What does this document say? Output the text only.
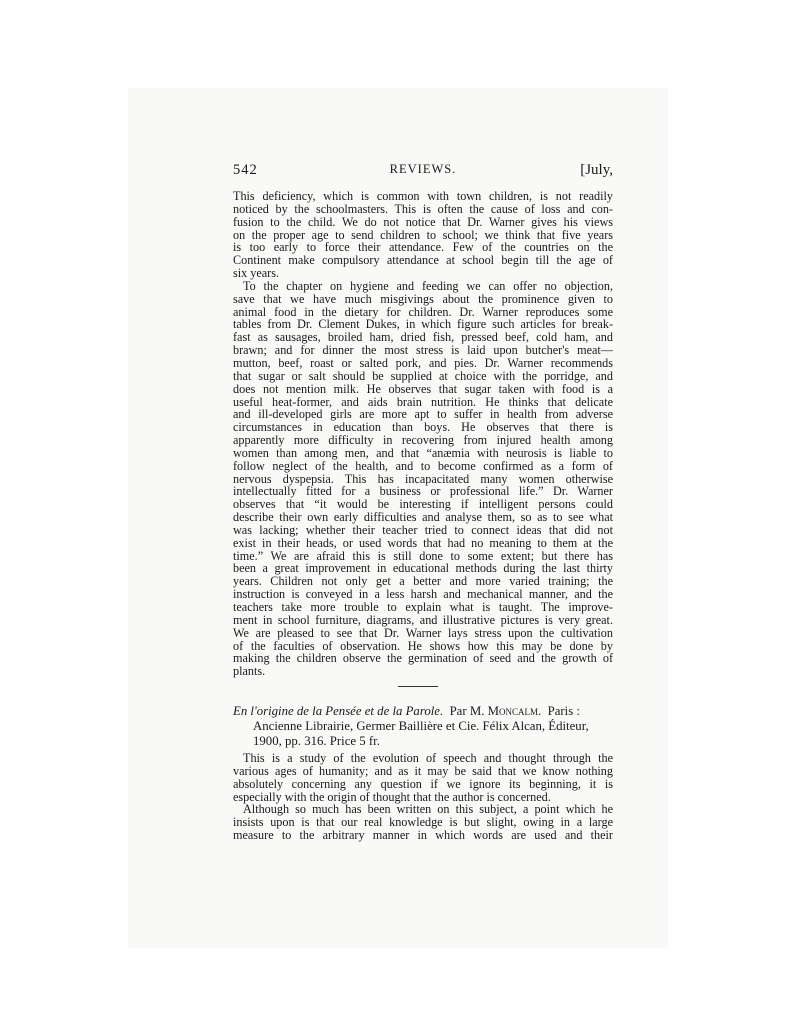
542	REVIEWS.	[July,
This deficiency, which is common with town children, is not readily
noticed by the schoolmasters. This is often the cause of loss and con-
fusion to the child. We do not notice that Dr. Warner gives his views
on the proper age to send children to school; we think that five years
is too early to force their attendance. Few of the countries on the
Continent make compulsory attendance at school begin till the age of
six years.
To the chapter on hygiene and feeding we can offer no objection,
save that we have much misgivings about the prominence given to
animal food in the dietary for children. Dr. Warner reproduces some
tables from Dr. Clement Dukes, in which figure such articles for break-
fast as sausages, broiled ham, dried fish, pressed beef, cold ham, and
brawn; and for dinner the most stress is laid upon butcher's meat—
mutton, beef, roast or salted pork, and pies. Dr. Warner recommends
that sugar or salt should be supplied at choice with the porridge, and
does not mention milk. He observes that sugar taken with food is a
useful heat-former, and aids brain nutrition. He thinks that delicate
and ill-developed girls are more apt to suffer in health from adverse
circumstances in education than boys. He observes that there is
apparently more difficulty in recovering from injured health among
women than among men, and that “anæmia with neurosis is liable to
follow neglect of the health, and to become confirmed as a form of
nervous dyspepsia. This has incapacitated many women otherwise
intellectually fitted for a business or professional life.” Dr. Warner
observes that “it would be interesting if intelligent persons could
describe their own early difficulties and analyse them, so as to see what
was lacking; whether their teacher tried to connect ideas that did not
exist in their heads, or used words that had no meaning to them at the
time.” We are afraid this is still done to some extent; but there has
been a great improvement in educational methods during the last thirty
years. Children not only get a better and more varied training; the
instruction is conveyed in a less harsh and mechanical manner, and the
teachers take more trouble to explain what is taught. The improve-
ment in school furniture, diagrams, and illustrative pictures is very great.
We are pleased to see that Dr. Warner lays stress upon the cultivation
of the faculties of observation. He shows how this may be done by
making the children observe the germination of seed and the growth of
plants.
En l'origine de la Pensée et de la Parole. Par M. Moncalm. Paris :
Ancienne Librairie, Germer Baillière et Cie. Félix Alcan, Éditeur,
1900, pp. 316. Price 5 fr.
This is a study of the evolution of speech and thought through the
various ages of humanity; and as it may be said that we know nothing
absolutely concerning any question if we ignore its beginning, it is
especially with the origin of thought that the author is concerned.
Although so much has been written on this subject, a point which he
insists upon is that our real knowledge is but slight, owing in a large
measure to the arbitrary manner in which words are used and their
